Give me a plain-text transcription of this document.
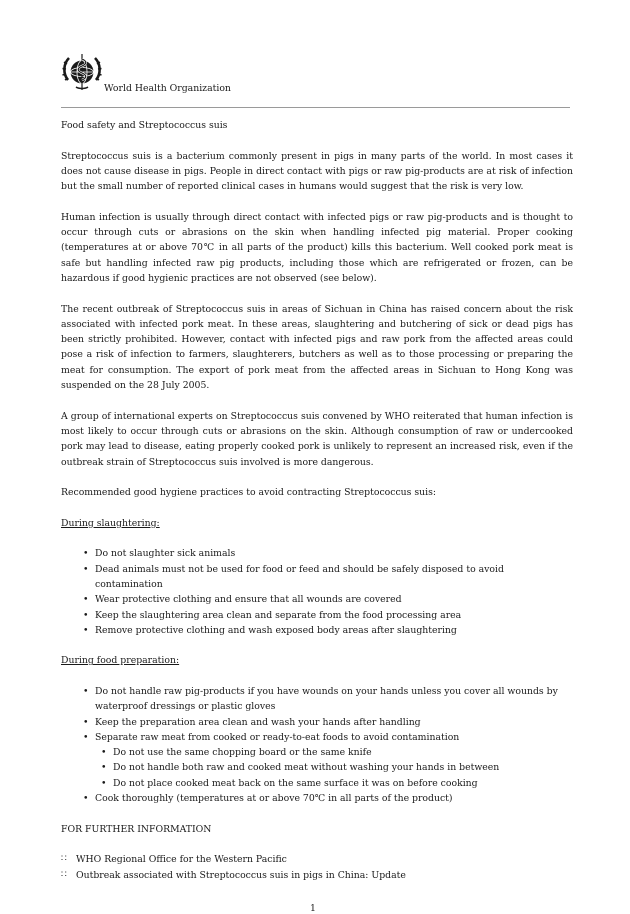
World Health Organization

Food safety and Streptococcus suis

Streptococcus suis is a bacterium commonly present in pigs in many parts of the world. In most cases it does not cause disease in pigs. People in direct contact with pigs or raw pig-products are at risk of infection but the small number of reported clinical cases in humans would suggest that the risk is very low.

Human infection is usually through direct contact with infected pigs or raw pig-products and is thought to occur through cuts or abrasions on the skin when handling infected pig material. Proper cooking (temperatures at or above 70℃ in all parts of the product) kills this bacterium. Well cooked pork meat is safe but handling infected raw pig products, including those which are refrigerated or frozen, can be hazardous if good hygienic practices are not observed (see below).

The recent outbreak of Streptococcus suis in areas of Sichuan in China has raised concern about the risk associated with infected pork meat. In these areas, slaughtering and butchering of sick or dead pigs has been strictly prohibited. However, contact with infected pigs and raw pork from the affected areas could pose a risk of infection to farmers, slaughterers, butchers as well as to those processing or preparing the meat for consumption. The export of pork meat from the affected areas in Sichuan to Hong Kong was suspended on the 28 July 2005.

A group of international experts on Streptococcus suis convened by WHO reiterated that human infection is most likely to occur through cuts or abrasions on the skin. Although consumption of raw or undercooked pork may lead to disease, eating properly cooked pork is unlikely to represent an increased risk, even if the outbreak strain of Streptococcus suis involved is more dangerous.

Recommended good hygiene practices to avoid contracting Streptococcus suis:

During slaughtering:

• Do not slaughter sick animals
• Dead animals must not be used for food or feed and should be safely disposed to avoid contamination
• Wear protective clothing and ensure that all wounds are covered
• Keep the slaughtering area clean and separate from the food processing area
• Remove protective clothing and wash exposed body areas after slaughtering

During food preparation:

• Do not handle raw pig-products if you have wounds on your hands unless you cover all wounds by waterproof dressings or plastic gloves
• Keep the preparation area clean and wash your hands after handling
• Separate raw meat from cooked or ready-to-eat foods to avoid contamination
• Do not use the same chopping board or the same knife
• Do not handle both raw and cooked meat without washing your hands in between
• Do not place cooked meat back on the same surface it was on before cooking
• Cook thoroughly (temperatures at or above 70℃ in all parts of the product)

FOR FURTHER INFORMATION

∷ WHO Regional Office for the Western Pacific
∷ Outbreak associated with Streptococcus suis in pigs in China: Update
1
